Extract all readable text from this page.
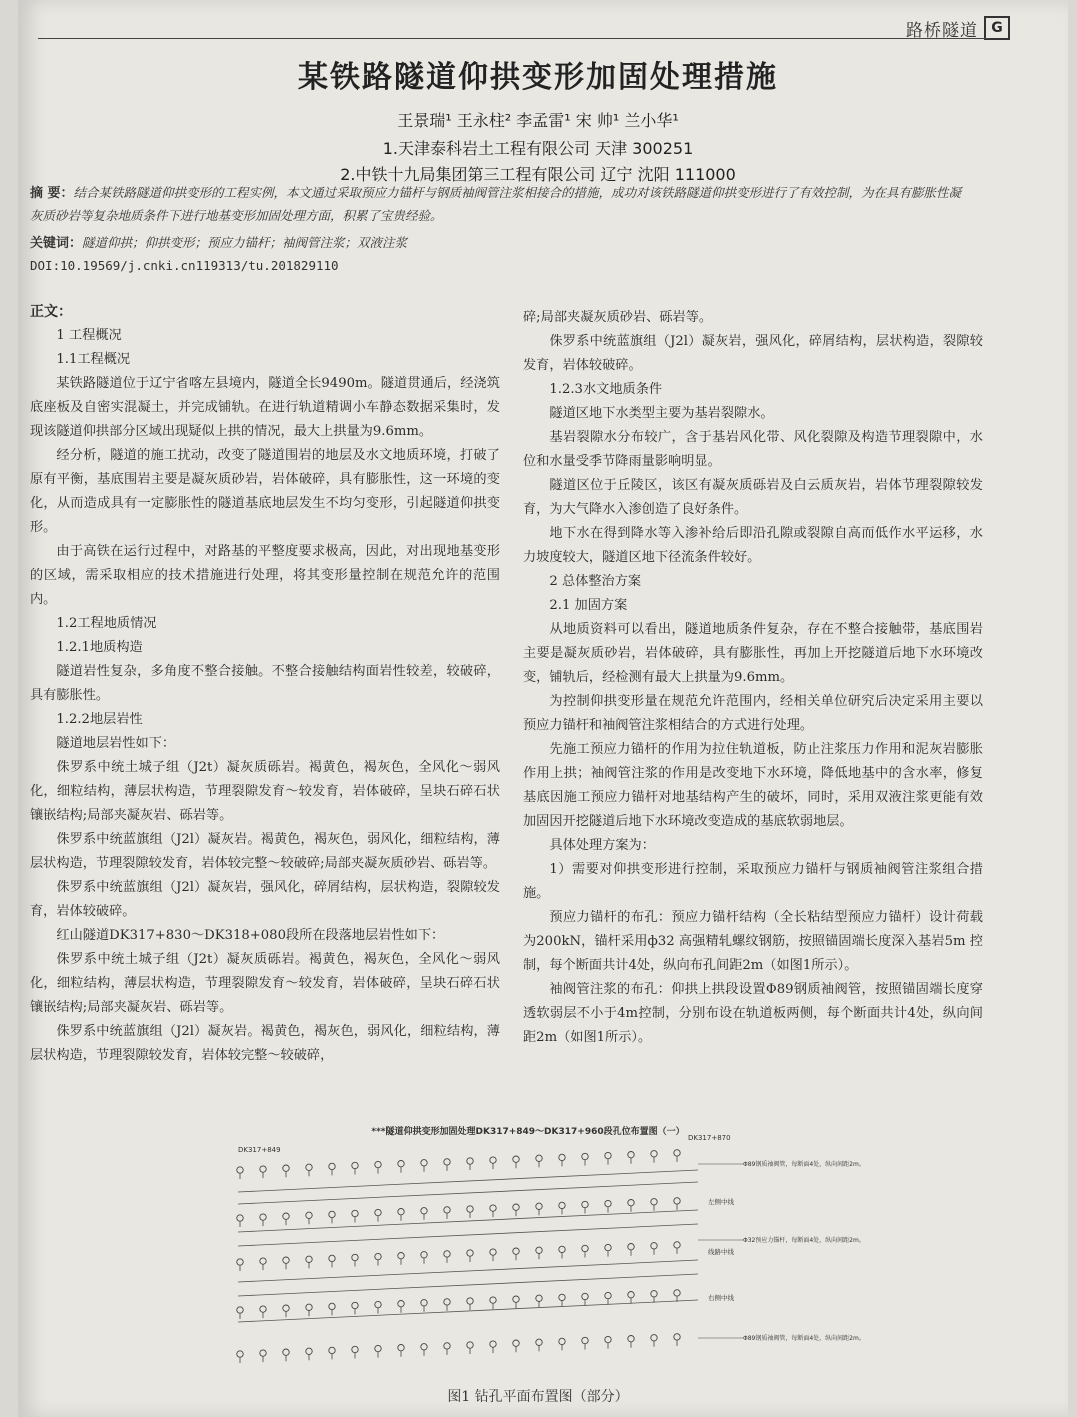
路桥隧道 G
某铁路隧道仰拱变形加固处理措施
王景瑞¹ 王永柱² 李孟雷¹ 宋 帅¹ 兰小华¹
1.天津泰科岩土工程有限公司 天津 300251
2.中铁十九局集团第三工程有限公司 辽宁 沈阳 111000
摘 要：结合某铁路隧道仰拱变形的工程实例，本文通过采取预应力锚杆与钢质袖阀管注浆相接合的措施，成功对该铁路隧道仰拱变形进行了有效控制，为在具有膨胀性凝灰质砂岩等复杂地质条件下进行地基变形加固处理方面，积累了宝贵经验。
关键词：隧道仰拱；仰拱变形；预应力锚杆；袖阀管注浆；双液注浆
DOI:10.19569/j.cnki.cn119313/tu.201829110

正文：

1 工程概况

1.1工程概况

某铁路隧道位于辽宁省喀左县境内，隧道全长9490m。隧道贯通后，经浇筑底座板及自密实混凝土，并完成铺轨。在进行轨道精调小车静态数据采集时，发现该隧道仰拱部分区域出现疑似上拱的情况，最大上拱量为9.6mm。

经分析，隧道的施工扰动，改变了隧道围岩的地层及水文地质环境，打破了原有平衡，基底围岩主要是凝灰质砂岩，岩体破碎，具有膨胀性，这一环境的变化，从而造成具有一定膨胀性的隧道基底地层发生不均匀变形，引起隧道仰拱变形。

由于高铁在运行过程中，对路基的平整度要求极高，因此，对出现地基变形的区域，需采取相应的技术措施进行处理，将其变形量控制在规范允许的范围内。

1.2工程地质情况

1.2.1地质构造

隧道岩性复杂，多角度不整合接触。不整合接触结构面岩性较差，较破碎，具有膨胀性。

1.2.2地层岩性

隧道地层岩性如下：

侏罗系中统土城子组（J2t）凝灰质砾岩。褐黄色，褐灰色，全风化～弱风化，细粒结构，薄层状构造，节理裂隙发育～较发育，岩体破碎，呈块石碎石状镶嵌结构;局部夹凝灰岩、砾岩等。

侏罗系中统蓝旗组（J2l）凝灰岩。褐黄色，褐灰色，弱风化，细粒结构，薄层状构造，节理裂隙较发育，岩体较完整～较破碎;局部夹凝灰质砂岩、砾岩等。

侏罗系中统蓝旗组（J2l）凝灰岩，强风化，碎屑结构，层状构造，裂隙较发育，岩体较破碎。

红山隧道DK317+830～DK318+080段所在段落地层岩性如下：

侏罗系中统土城子组（J2t）凝灰质砾岩。褐黄色，褐灰色，全风化～弱风化，细粒结构，薄层状构造，节理裂隙发育～较发育，岩体破碎，呈块石碎石状镶嵌结构;局部夹凝灰岩、砾岩等。

侏罗系中统蓝旗组（J2l）凝灰岩。褐黄色，褐灰色，弱风化，细粒结构，薄层状构造，节理裂隙较发育，岩体较完整～较破碎，

碎;局部夹凝灰质砂岩、砾岩等。

侏罗系中统蓝旗组（J2l）凝灰岩，强风化，碎屑结构，层状构造，裂隙较发育，岩体较破碎。

1.2.3水文地质条件

隧道区地下水类型主要为基岩裂隙水。

基岩裂隙水分布较广，含于基岩风化带、风化裂隙及构造节理裂隙中，水位和水量受季节降雨量影响明显。

隧道区位于丘陵区，该区有凝灰质砾岩及白云质灰岩，岩体节理裂隙较发育，为大气降水入渗创造了良好条件。

地下水在得到降水等入渗补给后即沿孔隙或裂隙自高而低作水平运移，水力坡度较大，隧道区地下径流条件较好。

2 总体整治方案

2.1 加固方案

从地质资料可以看出，隧道地质条件复杂，存在不整合接触带，基底围岩主要是凝灰质砂岩，岩体破碎，具有膨胀性，再加上开挖隧道后地下水环境改变，铺轨后，经检测有最大上拱量为9.6mm。

为控制仰拱变形量在规范允许范围内，经相关单位研究后决定采用主要以预应力锚杆和袖阀管注浆相结合的方式进行处理。

先施工预应力锚杆的作用为拉住轨道板，防止注浆压力作用和泥灰岩膨胀作用上拱；袖阀管注浆的作用是改变地下水环境，降低地基中的含水率，修复基底因施工预应力锚杆对地基结构产生的破坏，同时，采用双液注浆更能有效加固因开挖隧道后地下水环境改变造成的基底软弱地层。

具体处理方案为：

1）需要对仰拱变形进行控制，采取预应力锚杆与钢质袖阀管注浆组合措施。

预应力锚杆的布孔：预应力锚杆结构（全长粘结型预应力锚杆）设计荷载为200kN，锚杆采用ф32 高强精轧螺纹钢筋，按照锚固端长度深入基岩5m 控制，每个断面共计4处，纵向布孔间距2m（如图1所示）。

袖阀管注浆的布孔：仰拱上拱段设置Φ89钢质袖阀管，按照锚固端长度穿透软弱层不小于4m控制，分别布设在轨道板两侧，每个断面共计4处，纵向间距2m（如图1所示）。

***隧道仰拱变形加固处理DK317+849～DK317+960段孔位布置图（一）
DK317+849
DK317+870
左侧中线
线路中线
右侧中线
Φ89钢质袖阀管，每断面4处，纵向间距2m。
Φ32预应力锚杆，每断面4处，纵向间距2m。
Φ89钢质袖阀管，每断面4处，纵向间距2m。
图1 钻孔平面布置图（部分）
